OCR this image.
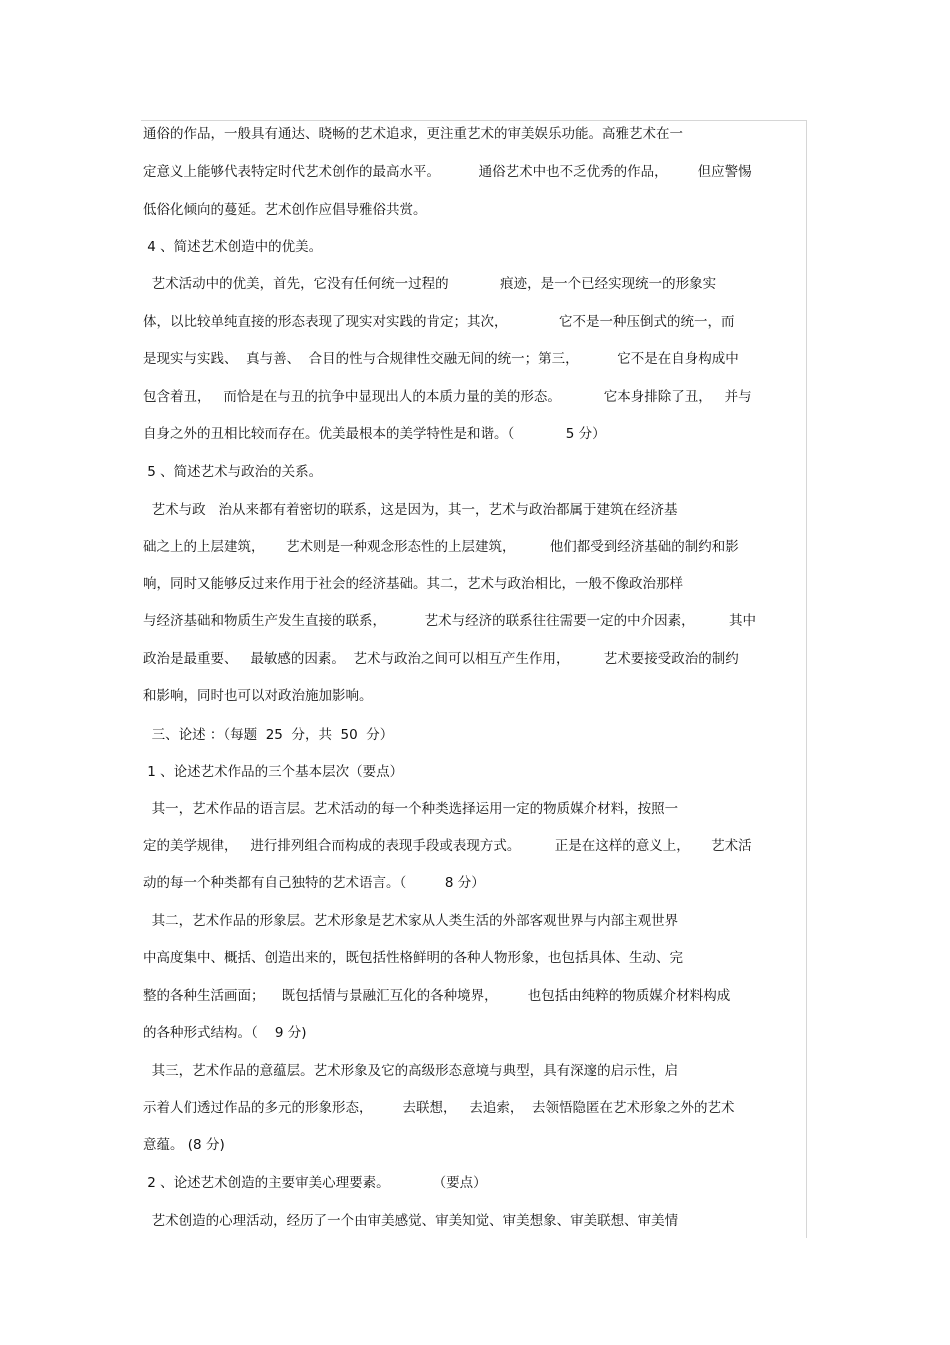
通俗的作品，一般具有通达、晓畅的艺术追求，更注重艺术的审美娱乐功能。高雅艺术在一
定意义上能够代表特定时代艺术创作的最高水平。         通俗艺术中也不乏优秀的作品，       但应警惕
低俗化倾向的蔓延。艺术创作应倡导雅俗共赏。
4 、简述艺术创造中的优美。
艺术活动中的优美，首先，它没有任何统一过程的            痕迹，是一个已经实现统一的形象实
体，以比较单纯直接的形态表现了现实对实践的肯定；其次，            它不是一种压倒式的统一，而
是现实与实践、  真与善、  合目的性与合规律性交融无间的统一；第三，         它不是在自身构成中
包含着丑，   而恰是在与丑的抗争中显现出人的本质力量的美的形态。          它本身排除了丑，   并与
自身之外的丑相比较而存在。优美最根本的美学特性是和谐。（            5 分）
5 、简述艺术与政治的关系。
艺术与政   治从来都有着密切的联系，这是因为，其一，艺术与政治都属于建筑在经济基
础之上的上层建筑，     艺术则是一种观念形态性的上层建筑，        他们都受到经济基础的制约和影
响，同时又能够反过来作用于社会的经济基础。其二，艺术与政治相比，一般不像政治那样
与经济基础和物质生产发生直接的联系，         艺术与经济的联系往往需要一定的中介因素，        其中
政治是最重要、   最敏感的因素。  艺术与政治之间可以相互产生作用，        艺术要接受政治的制约
和影响，同时也可以对政治施加影响。
三、论述 ：（每题  25  分，共  50  分）
1 、论述艺术作品的三个基本层次（要点）
其一，艺术作品的语言层。艺术活动的每一个种类选择运用一定的物质媒介材料，按照一
定的美学规律，   进行排列组合而构成的表现手段或表现方式。        正是在这样的意义上，     艺术活
动的每一个种类都有自己独特的艺术语言。（         8 分）
其二，艺术作品的形象层。艺术形象是艺术家从人类生活的外部客观世界与内部主观世界
中高度集中、概括、创造出来的，既包括性格鲜明的各种人物形象，也包括具体、生动、完
整的各种生活画面；    既包括情与景融汇互化的各种境界，       也包括由纯粹的物质媒介材料构成
的各种形式结构。（    9 分)
其三，艺术作品的意蕴层。艺术形象及它的高级形态意境与典型，具有深邃的启示性，启
示着人们透过作品的多元的形象形态，       去联想，   去追索，  去领悟隐匿在艺术形象之外的艺术
意蕴。 (8 分)
2 、论述艺术创造的主要审美心理要素。          （要点）
艺术创造的心理活动，经历了一个由审美感觉、审美知觉、审美想象、审美联想、审美情
